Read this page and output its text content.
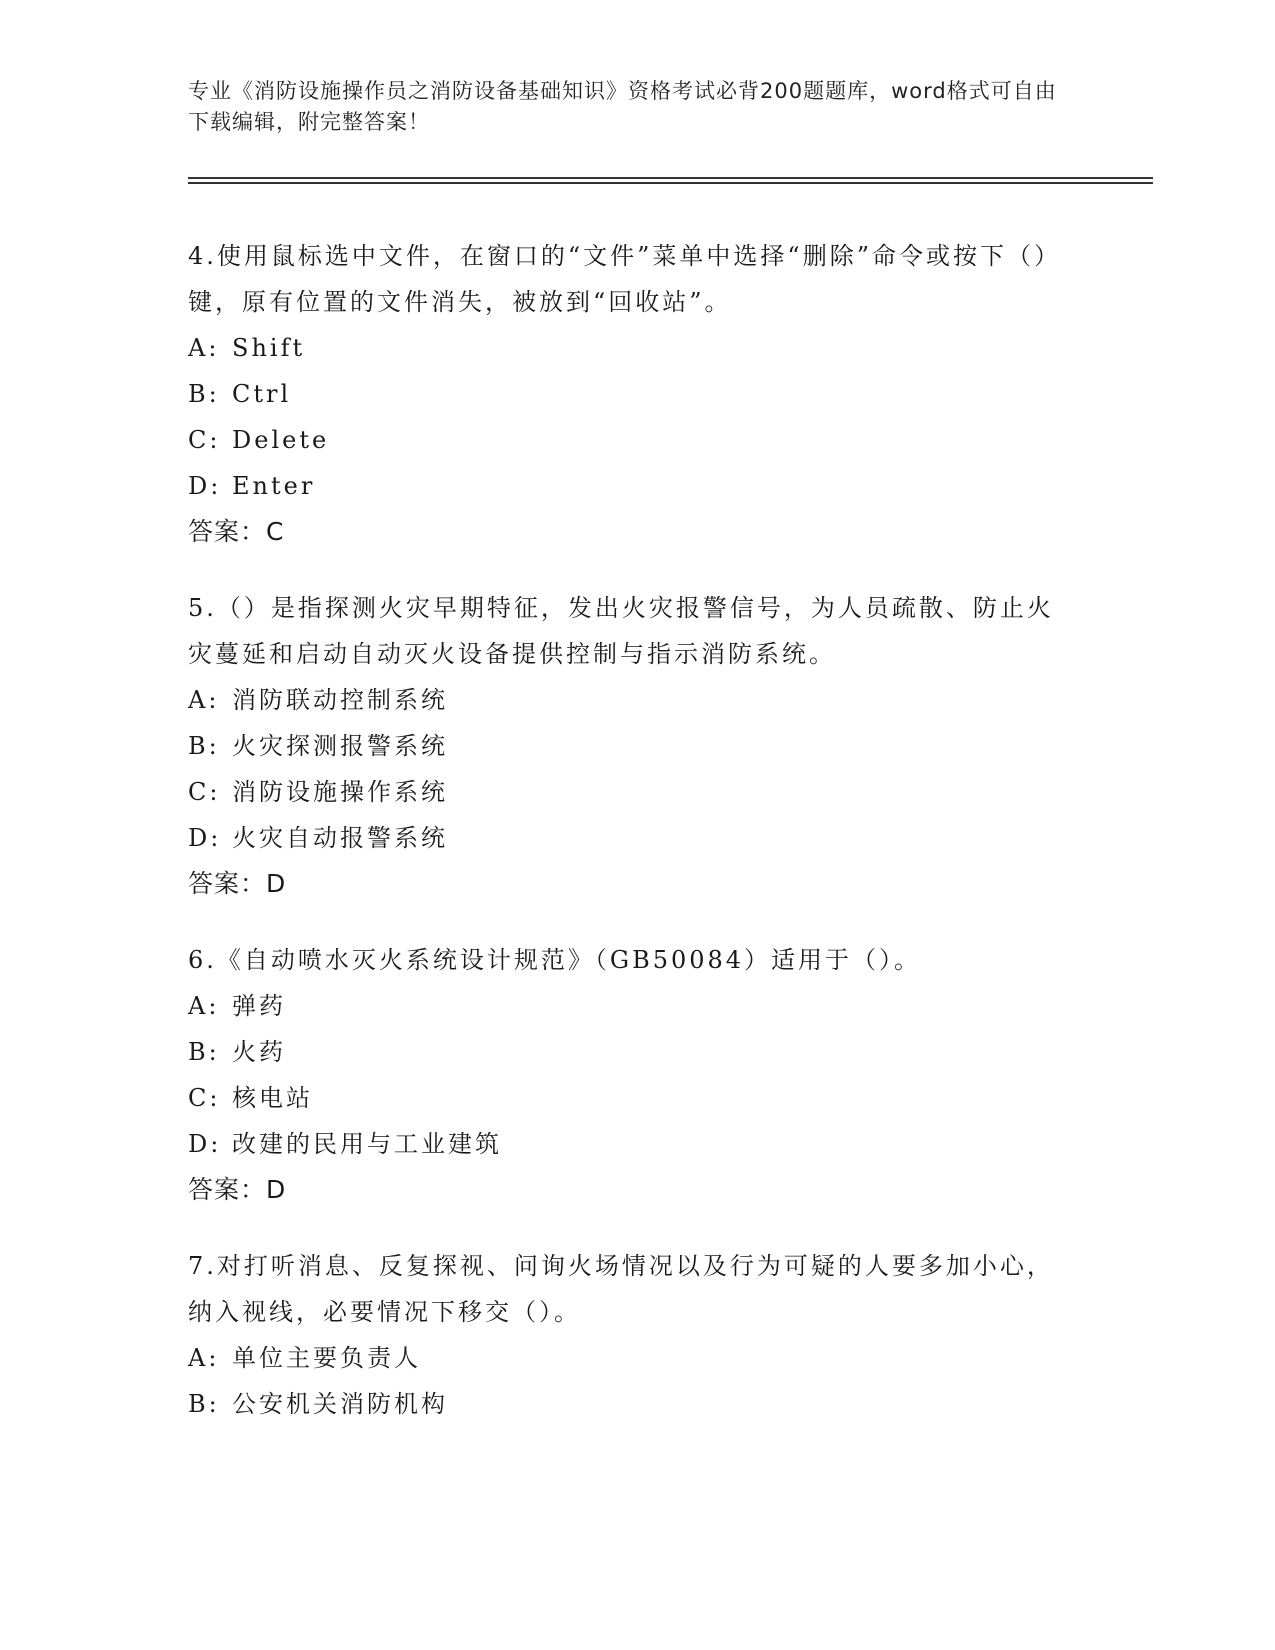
专业《消防设施操作员之消防设备基础知识》资格考试必背200题题库，word格式可自由下载编辑，附完整答案！
4.使用鼠标选中文件，在窗口的“文件”菜单中选择“删除”命令或按下（）键，原有位置的文件消失，被放到“回收站”。
A: Shift
B: Ctrl
C: Delete
D: Enter
答案：C
5.（）是指探测火灾早期特征，发出火灾报警信号，为人员疏散、防止火灾蔓延和启动自动灭火设备提供控制与指示消防系统。
A: 消防联动控制系统
B: 火灾探测报警系统
C: 消防设施操作系统
D: 火灾自动报警系统
答案：D
6.《自动喷水灭火系统设计规范》（GB50084）适用于（）。
A: 弹药
B: 火药
C: 核电站
D: 改建的民用与工业建筑
答案：D
7.对打听消息、反复探视、问询火场情况以及行为可疑的人要多加小心，纳入视线，必要情况下移交（）。
A: 单位主要负责人
B: 公安机关消防机构
